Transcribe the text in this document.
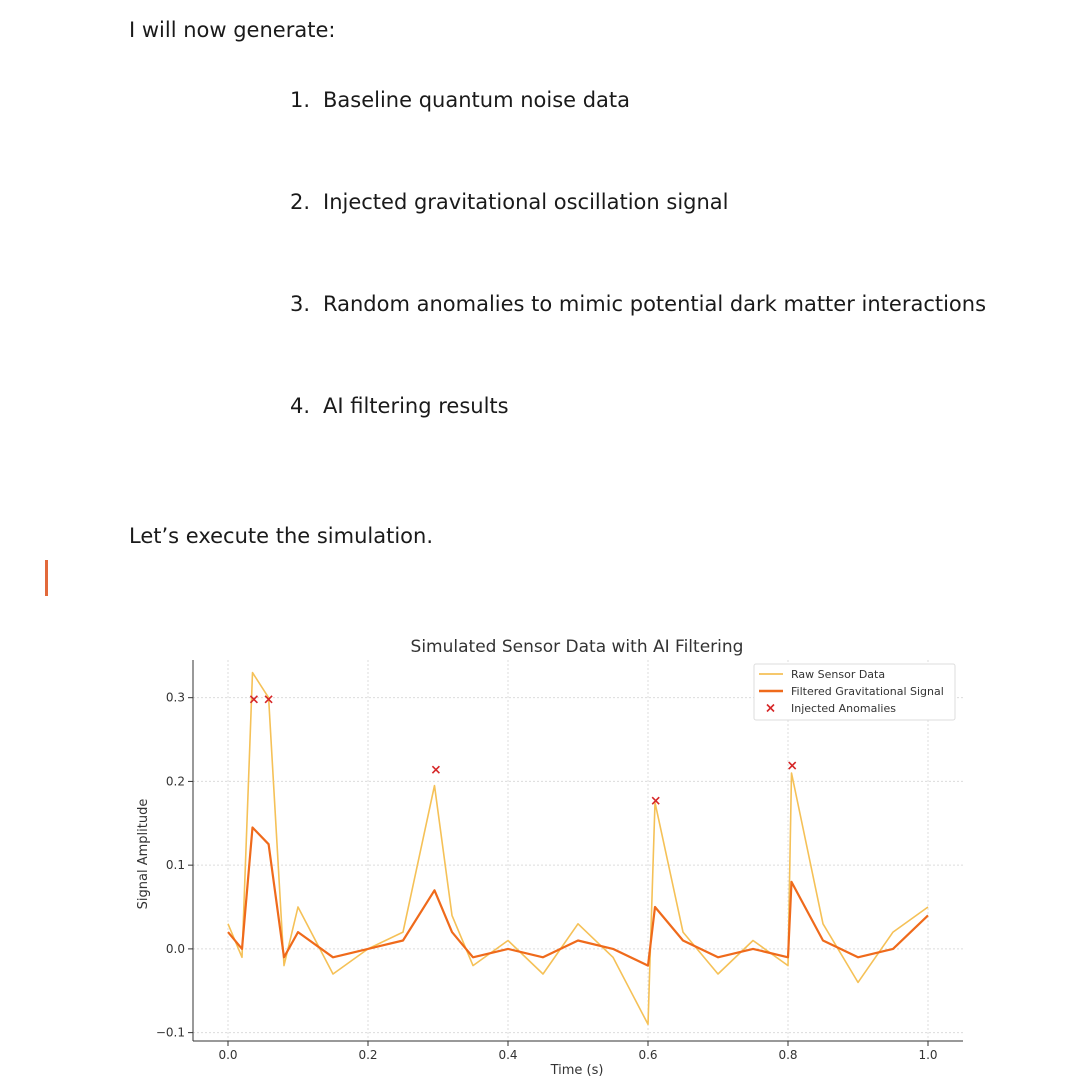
I will now generate:

1. Baseline quantum noise data
2. Injected gravitational oscillation signal
3. Random anomalies to mimic potential dark matter interactions
4. AI filtering results

Let’s execute the simulation.

Simulated Sensor Data with AI Filtering
0.0	0.2	0.4	0.6	0.8	1.0
−0.1
0.0
0.1
0.2
0.3
Time (s)
Signal Amplitude
Raw Sensor Data
Filtered Gravitational Signal
Injected Anomalies
